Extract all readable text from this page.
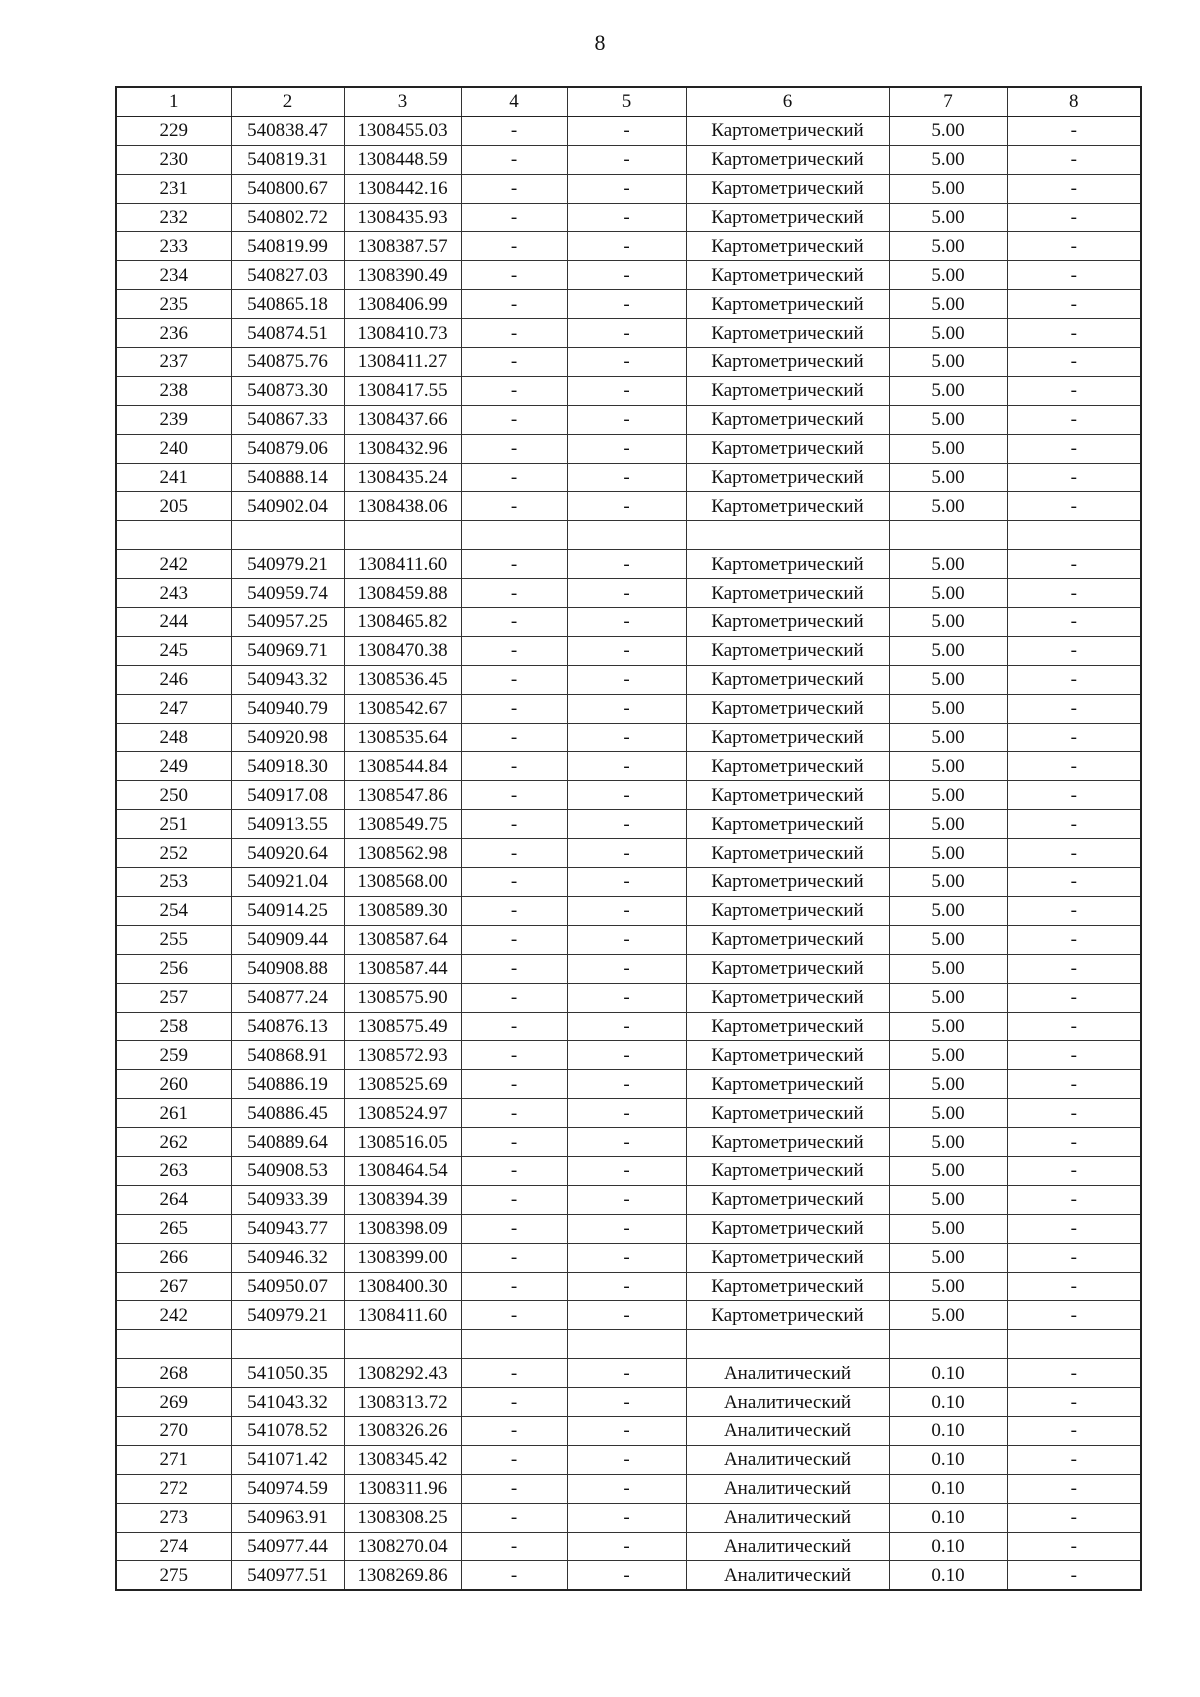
8
1	2	3	4	5	6	7	8
229	540838.47	1308455.03	-	-	Картометрический	5.00	-
230	540819.31	1308448.59	-	-	Картометрический	5.00	-
231	540800.67	1308442.16	-	-	Картометрический	5.00	-
232	540802.72	1308435.93	-	-	Картометрический	5.00	-
233	540819.99	1308387.57	-	-	Картометрический	5.00	-
234	540827.03	1308390.49	-	-	Картометрический	5.00	-
235	540865.18	1308406.99	-	-	Картометрический	5.00	-
236	540874.51	1308410.73	-	-	Картометрический	5.00	-
237	540875.76	1308411.27	-	-	Картометрический	5.00	-
238	540873.30	1308417.55	-	-	Картометрический	5.00	-
239	540867.33	1308437.66	-	-	Картометрический	5.00	-
240	540879.06	1308432.96	-	-	Картометрический	5.00	-
241	540888.14	1308435.24	-	-	Картометрический	5.00	-
205	540902.04	1308438.06	-	-	Картометрический	5.00	-

242	540979.21	1308411.60	-	-	Картометрический	5.00	-
243	540959.74	1308459.88	-	-	Картометрический	5.00	-
244	540957.25	1308465.82	-	-	Картометрический	5.00	-
245	540969.71	1308470.38	-	-	Картометрический	5.00	-
246	540943.32	1308536.45	-	-	Картометрический	5.00	-
247	540940.79	1308542.67	-	-	Картометрический	5.00	-
248	540920.98	1308535.64	-	-	Картометрический	5.00	-
249	540918.30	1308544.84	-	-	Картометрический	5.00	-
250	540917.08	1308547.86	-	-	Картометрический	5.00	-
251	540913.55	1308549.75	-	-	Картометрический	5.00	-
252	540920.64	1308562.98	-	-	Картометрический	5.00	-
253	540921.04	1308568.00	-	-	Картометрический	5.00	-
254	540914.25	1308589.30	-	-	Картометрический	5.00	-
255	540909.44	1308587.64	-	-	Картометрический	5.00	-
256	540908.88	1308587.44	-	-	Картометрический	5.00	-
257	540877.24	1308575.90	-	-	Картометрический	5.00	-
258	540876.13	1308575.49	-	-	Картометрический	5.00	-
259	540868.91	1308572.93	-	-	Картометрический	5.00	-
260	540886.19	1308525.69	-	-	Картометрический	5.00	-
261	540886.45	1308524.97	-	-	Картометрический	5.00	-
262	540889.64	1308516.05	-	-	Картометрический	5.00	-
263	540908.53	1308464.54	-	-	Картометрический	5.00	-
264	540933.39	1308394.39	-	-	Картометрический	5.00	-
265	540943.77	1308398.09	-	-	Картометрический	5.00	-
266	540946.32	1308399.00	-	-	Картометрический	5.00	-
267	540950.07	1308400.30	-	-	Картометрический	5.00	-
242	540979.21	1308411.60	-	-	Картометрический	5.00	-

268	541050.35	1308292.43	-	-	Аналитический	0.10	-
269	541043.32	1308313.72	-	-	Аналитический	0.10	-
270	541078.52	1308326.26	-	-	Аналитический	0.10	-
271	541071.42	1308345.42	-	-	Аналитический	0.10	-
272	540974.59	1308311.96	-	-	Аналитический	0.10	-
273	540963.91	1308308.25	-	-	Аналитический	0.10	-
274	540977.44	1308270.04	-	-	Аналитический	0.10	-
275	540977.51	1308269.86	-	-	Аналитический	0.10	-
